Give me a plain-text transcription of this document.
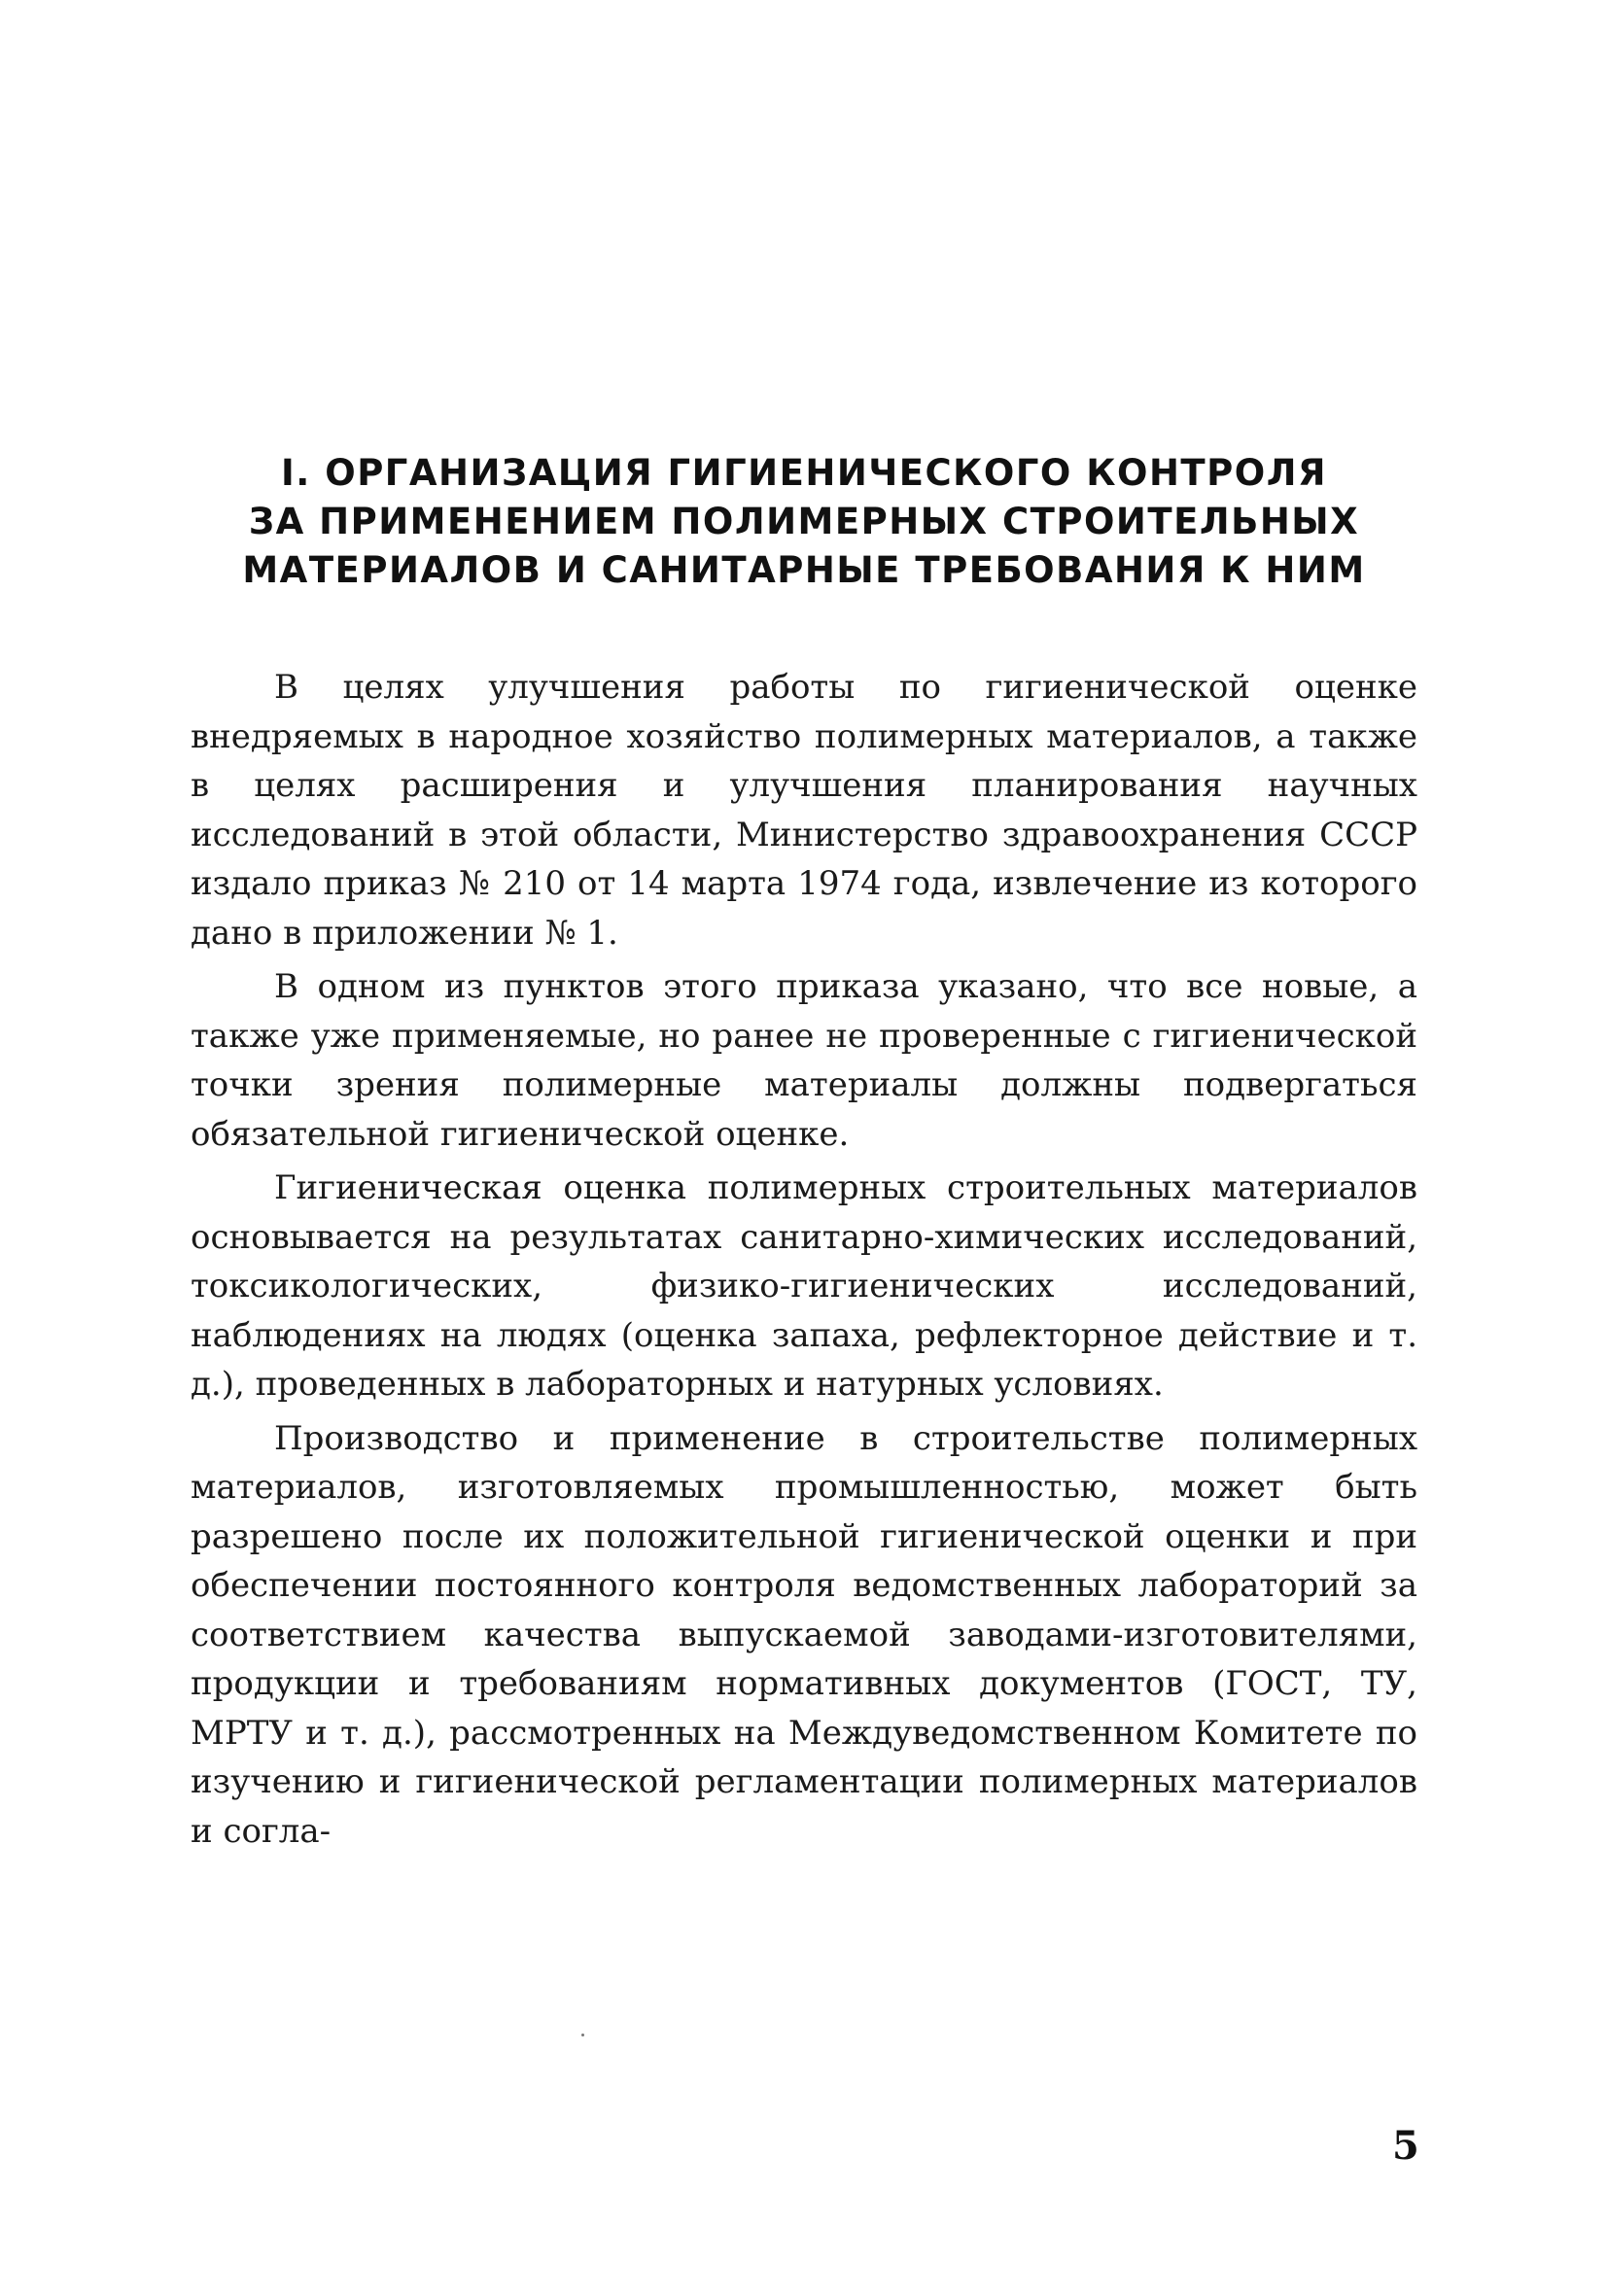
I. ОРГАНИЗАЦИЯ ГИГИЕНИЧЕСКОГО КОНТРОЛЯ
ЗА ПРИМЕНЕНИЕМ ПОЛИМЕРНЫХ СТРОИТЕЛЬНЫХ
МАТЕРИАЛОВ И САНИТАРНЫЕ ТРЕБОВАНИЯ К НИМ

В целях улучшения работы по гигиенической оценке внедряемых в народное хозяйство полимерных материалов, а также в целях расширения и улучшения планирования научных исследований в этой области, Министерство здравоохранения СССР издало приказ № 210 от 14 марта 1974 года, извлечение из которого дано в приложении № 1.

В одном из пунктов этого приказа указано, что все новые, а также уже применяемые, но ранее не проверенные с гигиенической точки зрения полимерные материалы должны подвергаться обязательной гигиенической оценке.

Гигиеническая оценка полимерных строительных материалов основывается на результатах санитарно-химических исследований, токсикологических, физико-гигиенических исследований, наблюдениях на людях (оценка запаха, рефлекторное действие и т. д.), проведенных в лабораторных и натурных условиях.

Производство и применение в строительстве полимерных материалов, изготовляемых промышленностью, может быть разрешено после их положительной гигиенической оценки и при обеспечении постоянного контроля ведомственных лабораторий за соответствием качества выпускаемой заводами-изготовителями, продукции и требованиям нормативных документов (ГОСТ, ТУ, МРТУ и т. д.), рассмотренных на Междуведомственном Комитете по изучению и гигиенической регламентации полимерных материалов и согла-

5
